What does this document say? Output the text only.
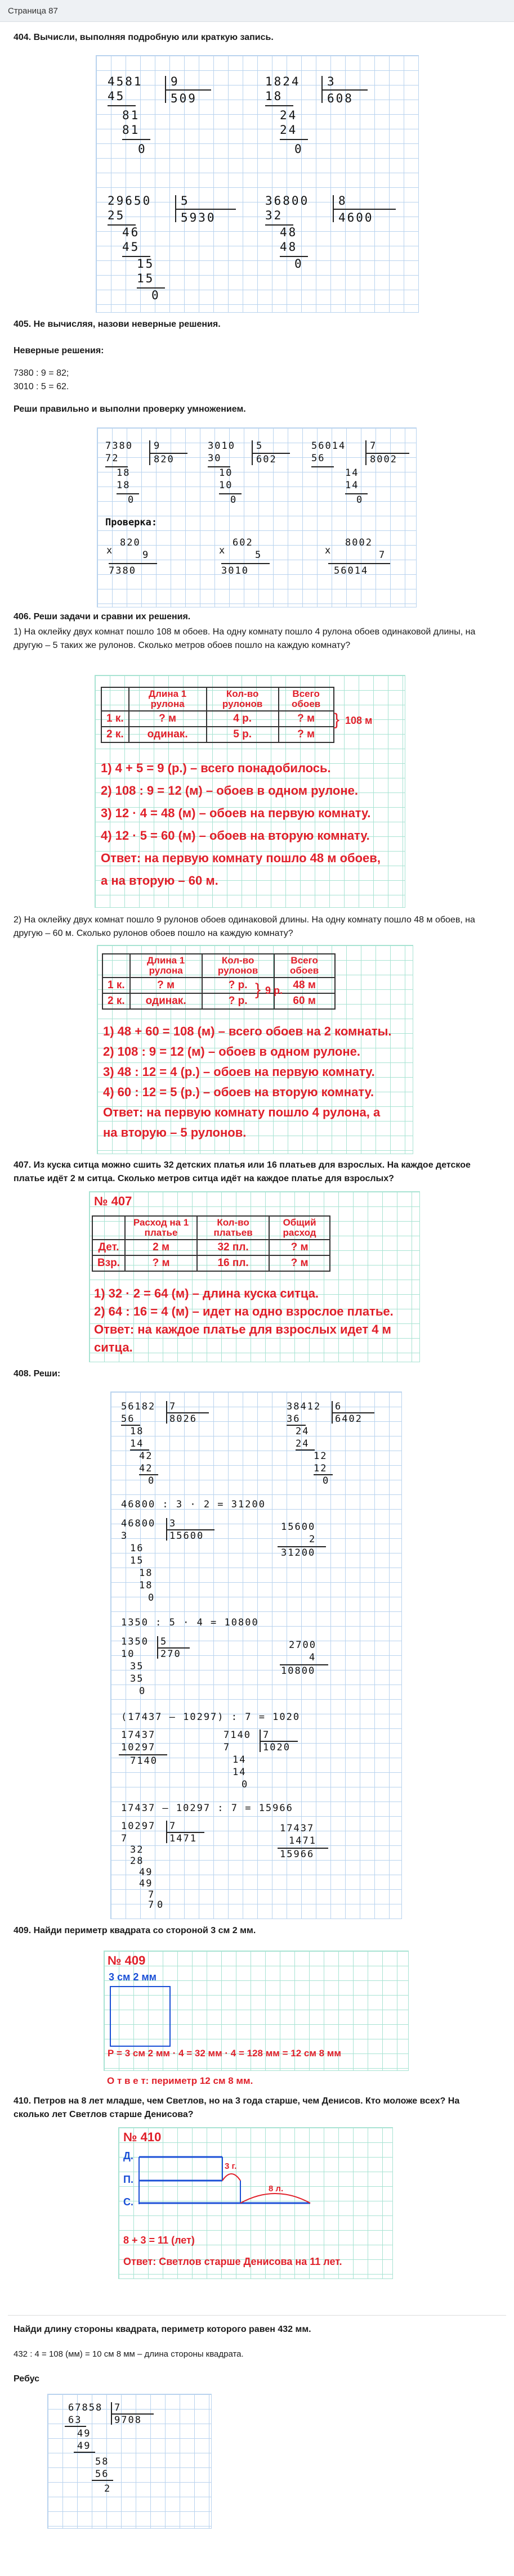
Страница 87
404. Вычисли, выполняя подробную или краткую запись.
4581 9
509
45
81
81
0
1824 3
608
18
24
24
0
29650 5
5930
25
46
45
15
15
0
36800 8
4600
32
48
48
0
405. Не вычисляя, назови неверные решения.
Неверные решения:
7380 : 9 = 82;
3010 : 5 = 62.
Реши правильно и выполни проверку умножением.
7380 9
820
72
18
18
0
3010 5
602
30
10
10
0
56014	7
8002
56
14
14
0
Проверка:
820
x	9
7380
602
x	5
3010
8002
x	7
56014
406. Реши задачи и сравни их решения.
1) На оклейку двух комнат пошло 108 м обоев. На одну комнату пошло 4 рулона обоев одинаковой длины, на другую – 5 таких же рулонов. Сколько метров обоев пошло на каждую комнату?
	Длина 1 рулона	Кол-во рулонов	Всего обоев
1 к.	? м	4 р.	? м
2 к.	одинак.	5 р.	? м
} 108 м
1) 4 + 5 = 9 (р.) – всего понадобилось.
2) 108 : 9 = 12 (м) – обоев в одном рулоне.
3) 12 · 4 = 48 (м) – обоев на первую комнату.
4) 12 · 5 = 60 (м) – обоев на вторую комнату.
Ответ: на первую комнату пошло 48 м обоев,
а на вторую – 60 м.
2) На оклейку двух комнат пошло 9 рулонов обоев одинаковой длины. На одну комнату пошло 48 м обоев, на другую – 60 м. Сколько рулонов обоев пошло на каждую комнату?
	Длина 1 рулона	Кол-во рулонов	Всего обоев
1 к.	? м	? р.	48 м
2 к.	одинак.	? р.	60 м
} 9 р.
1) 48 + 60 = 108 (м) – всего обоев на 2 комнаты.
2) 108 : 9 = 12 (м) – обоев в одном рулоне.
3) 48 : 12 = 4 (р.) – обоев на первую комнату.
4) 60 : 12 = 5 (р.) – обоев на вторую комнату.
Ответ: на первую комнату пошло 4 рулона, а
на вторую – 5 рулонов.
407. Из куска ситца можно сшить 32 детских платья или 16 платьев для взрослых. На каждое детское платье идёт 2 м ситца. Сколько метров ситца идёт на каждое платье для взрослых?
№ 407
	Расход на 1 платье	Кол-во платьев	Общий расход
Дет.	2 м	32 пл.	? м
Взр.	? м	16 пл.	? м
1) 32 · 2 = 64 (м) – длина куска ситца.
2) 64 : 16 = 4 (м) – идет на одно взрослое платье.
Ответ: на каждое платье для взрослых идет 4 м
ситца.
408. Реши:
56182 7
8026
56
18
14
42
42
0
38412 6
6402
36
24
24
12
12
0
46800 : 3 · 2 = 31200
46800 3
15600
3
16
15
18
18
0
15600
2
31200
1350 : 5 · 4 = 10800
1350 5
270
10
35
35
0
2700
4
10800
(17437 – 10297) : 7 = 1020
17437
10297
7140
7140 7
1020
7
14
14
0
17437 – 10297 : 7 = 15966
10297 7
1471
7
32
28
49
49
7
7 0
17437
1471
15966
409. Найди периметр квадрата со стороной 3 см 2 мм.
№ 409
3 см 2 мм
Р = 3 см 2 мм · 4 = 32 мм · 4 = 128 мм = 12 см 8 мм
О т в е т: периметр 12 см 8 мм.
410. Петров на 8 лет младше, чем Светлов, но на 3 года старше, чем Денисов. Кто моложе всех? На сколько лет Светлов старше Денисова?
№ 410
Д.
П.
С.
3 г.
8 л.
8 + 3 = 11 (лет)
Ответ: Светлов старше Денисова на 11 лет.
Найди длину стороны квадрата, периметр которого равен 432 мм.
432 : 4 = 108 (мм) = 10 см 8 мм – длина стороны квадрата.
Ребус
67858 7
9708
63
49
49
58
56
2
